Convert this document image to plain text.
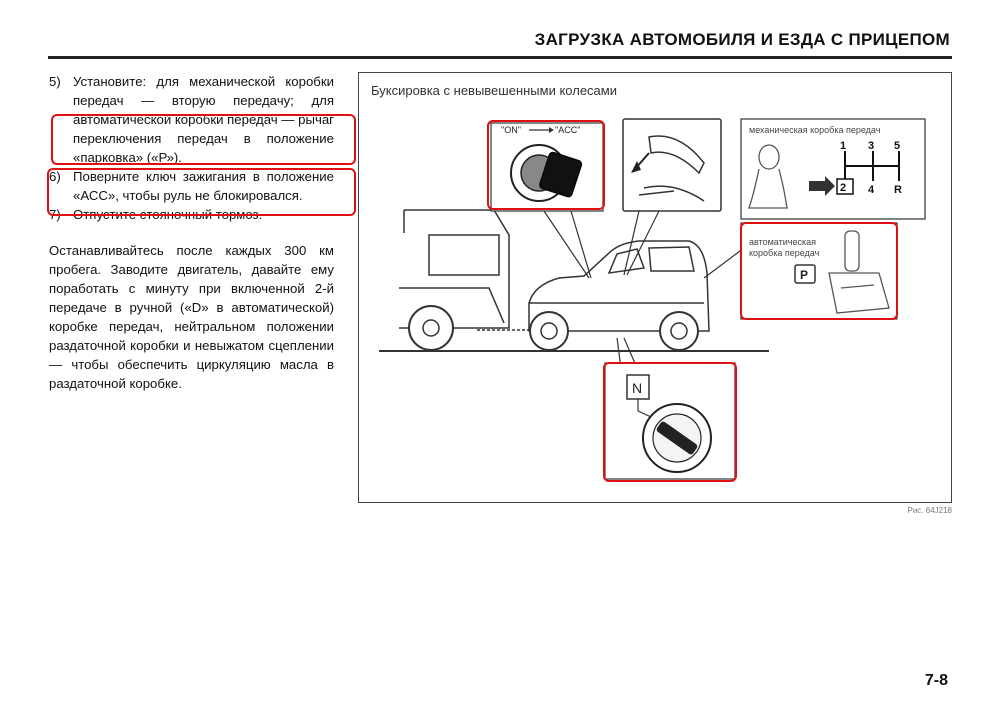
ЗАГРУЗКА АВТОМОБИЛЯ И ЕЗДА С ПРИЦЕПОМ
5) Установите: для механической коробки передач — вторую передачу; для автоматической коробки передач — рычаг переключения передач в положение «парковка» («Р»).
6) Поверните ключ зажигания в положение «АСС», чтобы руль не блокировался.
7) Отпустите стояночный тормоз.
Останавливайтесь после каждых 300 км пробега. Заводите двигатель, давайте ему поработать с минуту при включенной 2-й передаче в ручной («D» в автоматической) коробке передач, нейтральном положении раздаточной коробки и невыжатом сцеплении — чтобы обеспечить циркуляцию масла в раздаточной коробке.
Буксировка с невывешенными колесами
"ON"	"ACC"	механическая коробка передач
1 3 5
2 4 R
автоматическая
коробка передач
P
N
Рис. 64J218
7-8
